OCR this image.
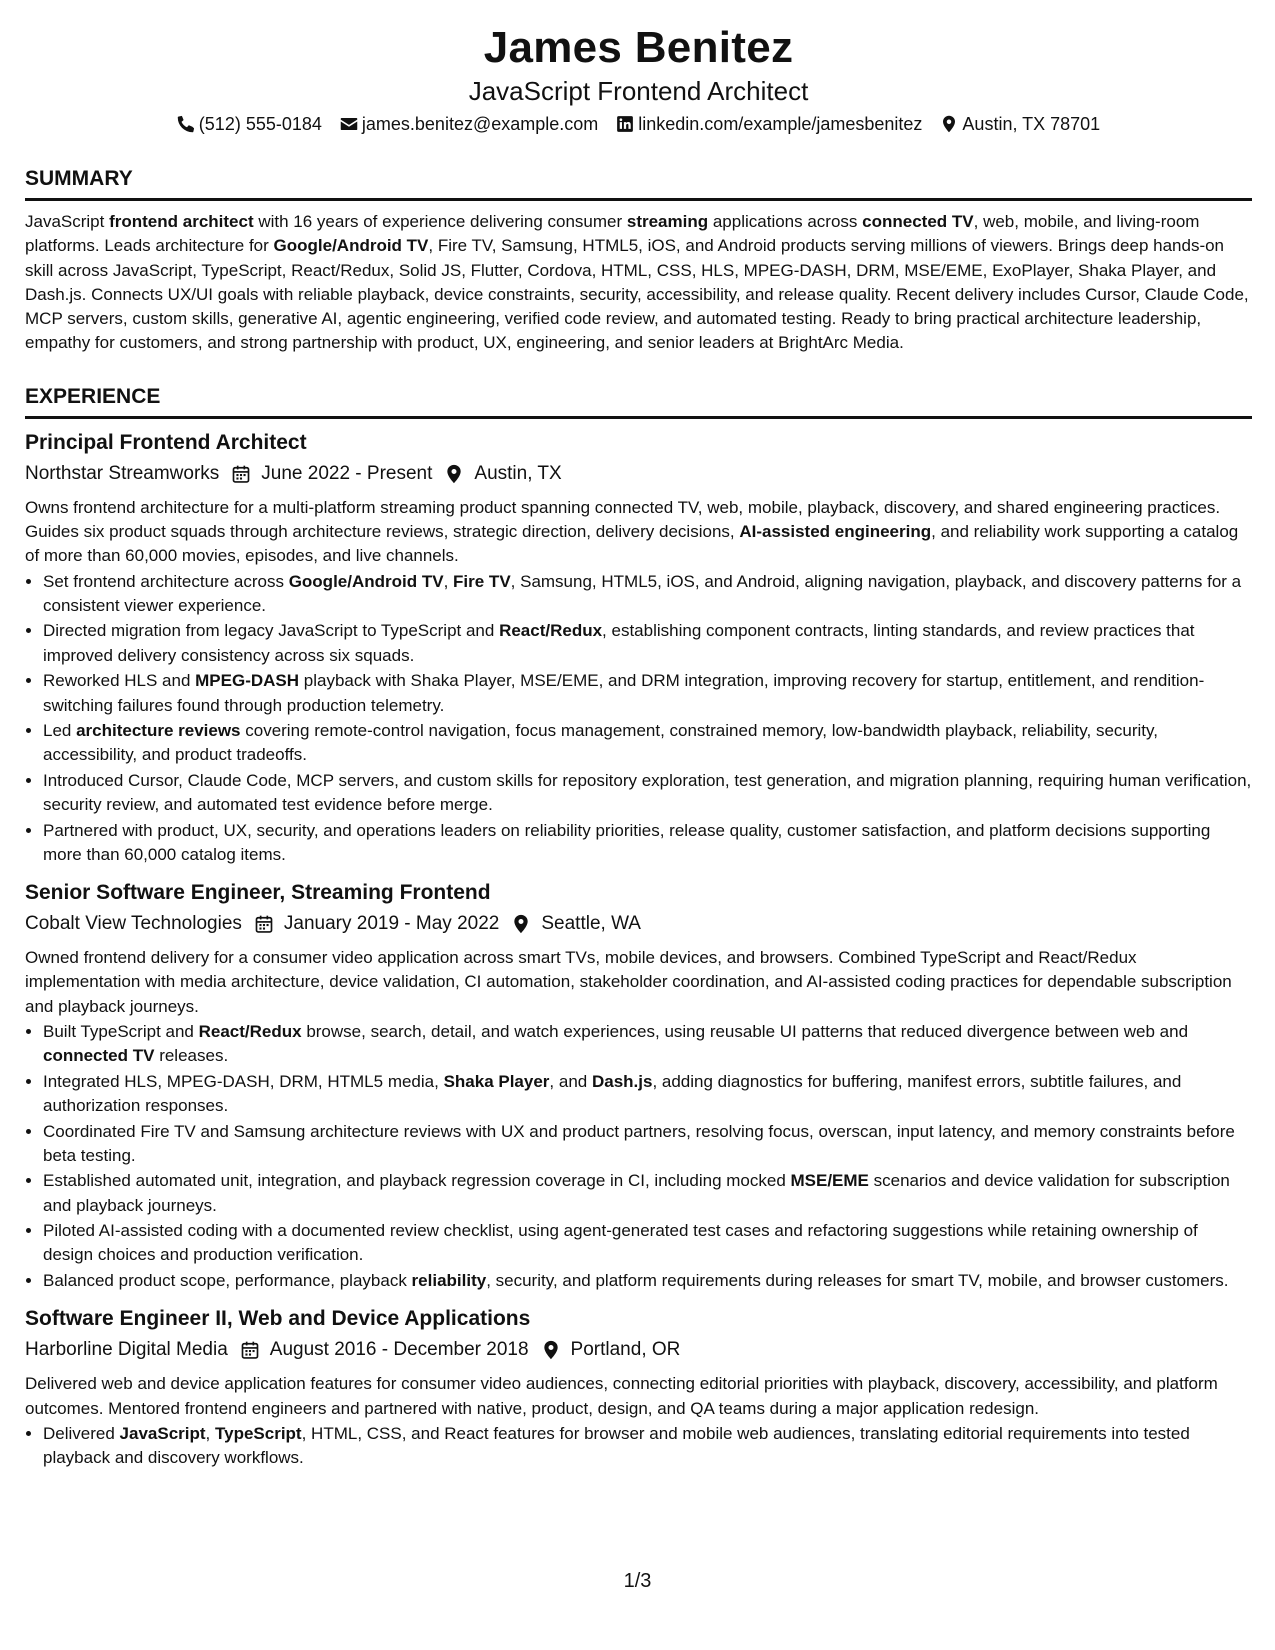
James Benitez
JavaScript Frontend Architect
(512) 555-0184 james.benitez@example.com linkedin.com/example/jamesbenitez Austin, TX 78701
SUMMARY
JavaScript frontend architect with 16 years of experience delivering consumer streaming applications across connected TV, web, mobile, and living-room platforms. Leads architecture for Google/Android TV, Fire TV, Samsung, HTML5, iOS, and Android products serving millions of viewers. Brings deep hands-on skill across JavaScript, TypeScript, React/Redux, Solid JS, Flutter, Cordova, HTML, CSS, HLS, MPEG-DASH, DRM, MSE/EME, ExoPlayer, Shaka Player, and Dash.js. Connects UX/UI goals with reliable playback, device constraints, security, accessibility, and release quality. Recent delivery includes Cursor, Claude Code, MCP servers, custom skills, generative AI, agentic engineering, verified code review, and automated testing. Ready to bring practical architecture leadership, empathy for customers, and strong partnership with product, UX, engineering, and senior leaders at BrightArc Media.
EXPERIENCE
Principal Frontend Architect
Northstar Streamworks June 2022 - Present Austin, TX
Owns frontend architecture for a multi-platform streaming product spanning connected TV, web, mobile, playback, discovery, and shared engineering practices. Guides six product squads through architecture reviews, strategic direction, delivery decisions, AI-assisted engineering, and reliability work supporting a catalog of more than 60,000 movies, episodes, and live channels.
• Set frontend architecture across Google/Android TV, Fire TV, Samsung, HTML5, iOS, and Android, aligning navigation, playback, and discovery patterns for a consistent viewer experience.
• Directed migration from legacy JavaScript to TypeScript and React/Redux, establishing component contracts, linting standards, and review practices that improved delivery consistency across six squads.
• Reworked HLS and MPEG-DASH playback with Shaka Player, MSE/EME, and DRM integration, improving recovery for startup, entitlement, and rendition-switching failures found through production telemetry.
• Led architecture reviews covering remote-control navigation, focus management, constrained memory, low-bandwidth playback, reliability, security, accessibility, and product tradeoffs.
• Introduced Cursor, Claude Code, MCP servers, and custom skills for repository exploration, test generation, and migration planning, requiring human verification, security review, and automated test evidence before merge.
• Partnered with product, UX, security, and operations leaders on reliability priorities, release quality, customer satisfaction, and platform decisions supporting more than 60,000 catalog items.
Senior Software Engineer, Streaming Frontend
Cobalt View Technologies January 2019 - May 2022 Seattle, WA
Owned frontend delivery for a consumer video application across smart TVs, mobile devices, and browsers. Combined TypeScript and React/Redux implementation with media architecture, device validation, CI automation, stakeholder coordination, and AI-assisted coding practices for dependable subscription and playback journeys.
• Built TypeScript and React/Redux browse, search, detail, and watch experiences, using reusable UI patterns that reduced divergence between web and connected TV releases.
• Integrated HLS, MPEG-DASH, DRM, HTML5 media, Shaka Player, and Dash.js, adding diagnostics for buffering, manifest errors, subtitle failures, and authorization responses.
• Coordinated Fire TV and Samsung architecture reviews with UX and product partners, resolving focus, overscan, input latency, and memory constraints before beta testing.
• Established automated unit, integration, and playback regression coverage in CI, including mocked MSE/EME scenarios and device validation for subscription and playback journeys.
• Piloted AI-assisted coding with a documented review checklist, using agent-generated test cases and refactoring suggestions while retaining ownership of design choices and production verification.
• Balanced product scope, performance, playback reliability, security, and platform requirements during releases for smart TV, mobile, and browser customers.
Software Engineer II, Web and Device Applications
Harborline Digital Media August 2016 - December 2018 Portland, OR
Delivered web and device application features for consumer video audiences, connecting editorial priorities with playback, discovery, accessibility, and platform outcomes. Mentored frontend engineers and partnered with native, product, design, and QA teams during a major application redesign.
• Delivered JavaScript, TypeScript, HTML, CSS, and React features for browser and mobile web audiences, translating editorial requirements into tested playback and discovery workflows.
1/3
